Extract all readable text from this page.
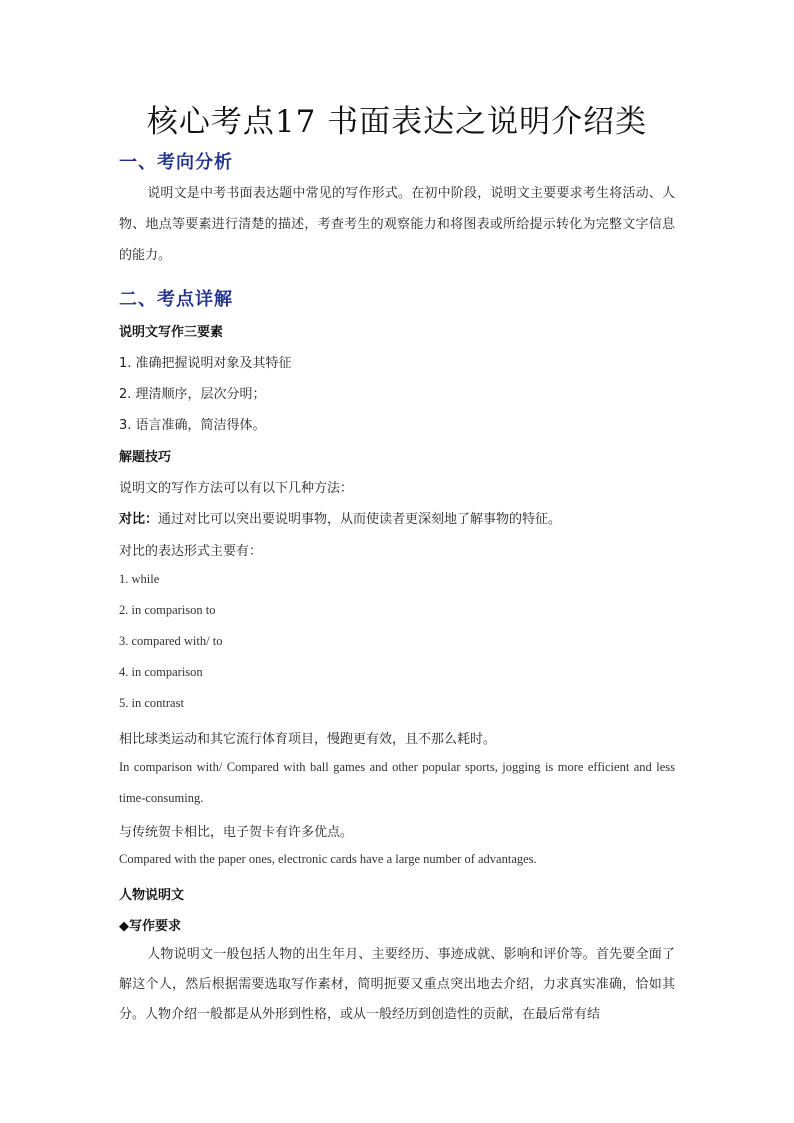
核心考点17 书面表达之说明介绍类
一、考向分析
说明文是中考书面表达题中常见的写作形式。在初中阶段，说明文主要要求考生将活动、人物、地点等要素进行清楚的描述，考查考生的观察能力和将图表或所给提示转化为完整文字信息的能力。
二、考点详解
说明文写作三要素
1. 准确把握说明对象及其特征
2. 理清顺序，层次分明；
3. 语言准确，简洁得体。
解题技巧
说明文的写作方法可以有以下几种方法：
对比：通过对比可以突出要说明事物，从而使读者更深刻地了解事物的特征。
对比的表达形式主要有：
1. while
2. in comparison to
3. compared with/ to
4. in comparison
5. in contrast
相比球类运动和其它流行体育项目，慢跑更有效，且不那么耗时。
In comparison with/ Compared with ball games and other popular sports, jogging is more efficient and less time-consuming.
与传统贺卡相比，电子贺卡有许多优点。
Compared with the paper ones, electronic cards have a large number of advantages.
人物说明文
◆写作要求
人物说明文一般包括人物的出生年月、主要经历、事迹成就、影响和评价等。首先要全面了解这个人，然后根据需要选取写作素材，简明扼要又重点突出地去介绍，力求真实准确，恰如其分。人物介绍一般都是从外形到性格，或从一般经历到创造性的贡献，在最后常有结
